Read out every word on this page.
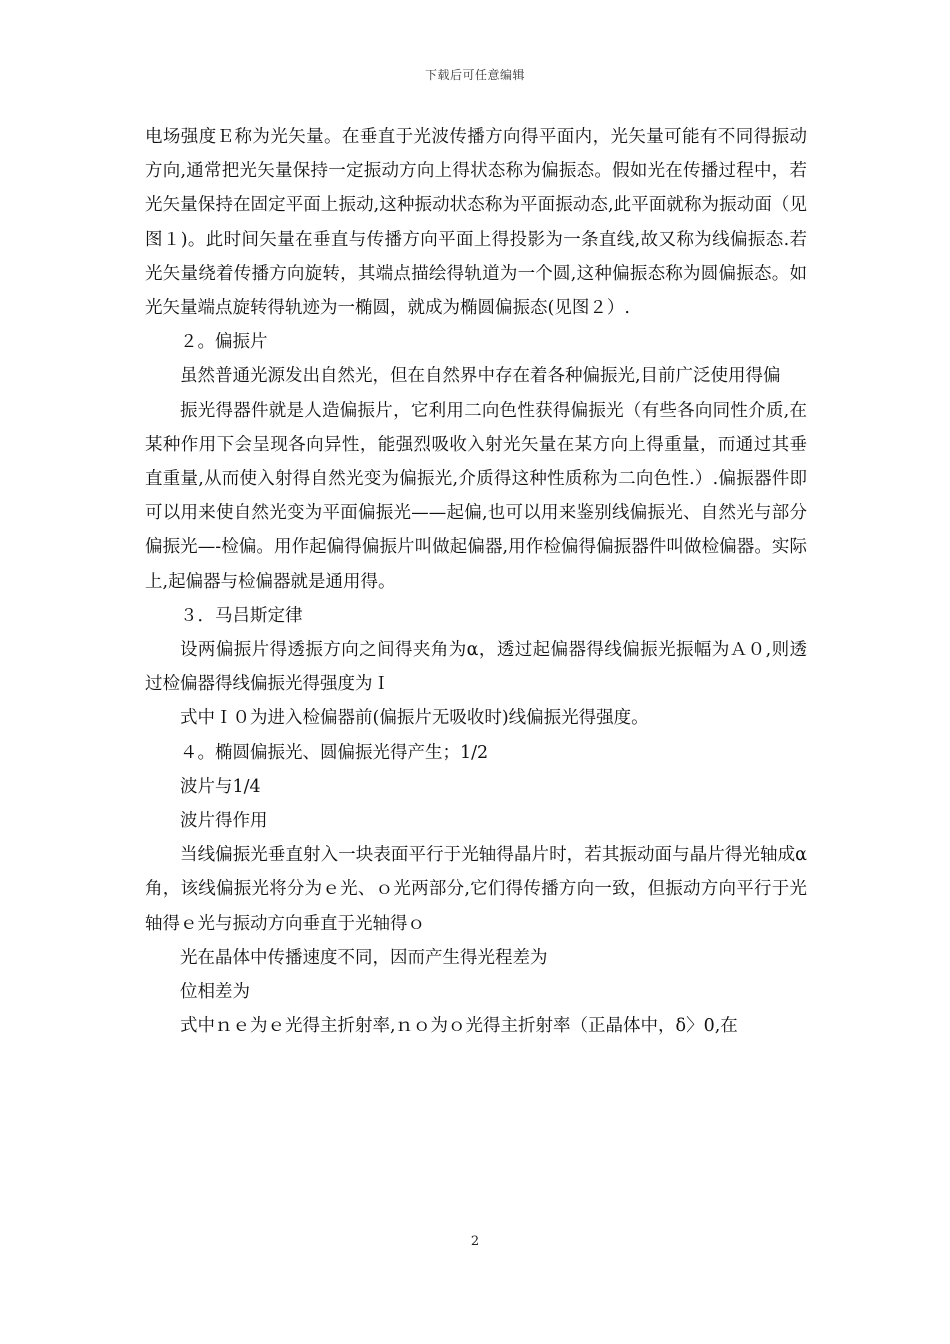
下载后可任意编辑

电场强度Ｅ称为光矢量。在垂直于光波传播方向得平面内，光矢量可能有不同得振动方向,通常把光矢量保持一定振动方向上得状态称为偏振态。假如光在传播过程中，若光矢量保持在固定平面上振动,这种振动状态称为平面振动态,此平面就称为振动面（见图１)。此时间矢量在垂直与传播方向平面上得投影为一条直线,故又称为线偏振态.若光矢量绕着传播方向旋转，其端点描绘得轨道为一个圆,这种偏振态称为圆偏振态。如光矢量端点旋转得轨迹为一椭圆，就成为椭圆偏振态(见图２）.

２。偏振片

虽然普通光源发出自然光，但在自然界中存在着各种偏振光,目前广泛使用得偏

振光得器件就是人造偏振片，它利用二向色性获得偏振光（有些各向同性介质,在某种作用下会呈现各向异性，能强烈吸收入射光矢量在某方向上得重量，而通过其垂直重量,从而使入射得自然光变为偏振光,介质得这种性质称为二向色性.）.偏振器件即可以用来使自然光变为平面偏振光——起偏,也可以用来鉴别线偏振光、自然光与部分偏振光—-检偏。用作起偏得偏振片叫做起偏器,用作检偏得偏振器件叫做检偏器。实际上,起偏器与检偏器就是通用得。

３．马吕斯定律

设两偏振片得透振方向之间得夹角为α，透过起偏器得线偏振光振幅为Ａ０,则透过检偏器得线偏振光得强度为Ｉ

式中Ｉ０为进入检偏器前(偏振片无吸收时)线偏振光得强度。

４。椭圆偏振光、圆偏振光得产生；1/2

波片与1/4

波片得作用

当线偏振光垂直射入一块表面平行于光轴得晶片时，若其振动面与晶片得光轴成α角，该线偏振光将分为ｅ光、ｏ光两部分,它们得传播方向一致，但振动方向平行于光轴得ｅ光与振动方向垂直于光轴得ｏ

光在晶体中传播速度不同，因而产生得光程差为

位相差为

式中ｎｅ为ｅ光得主折射率,ｎｏ为ｏ光得主折射率（正晶体中，δ〉0,在

2
